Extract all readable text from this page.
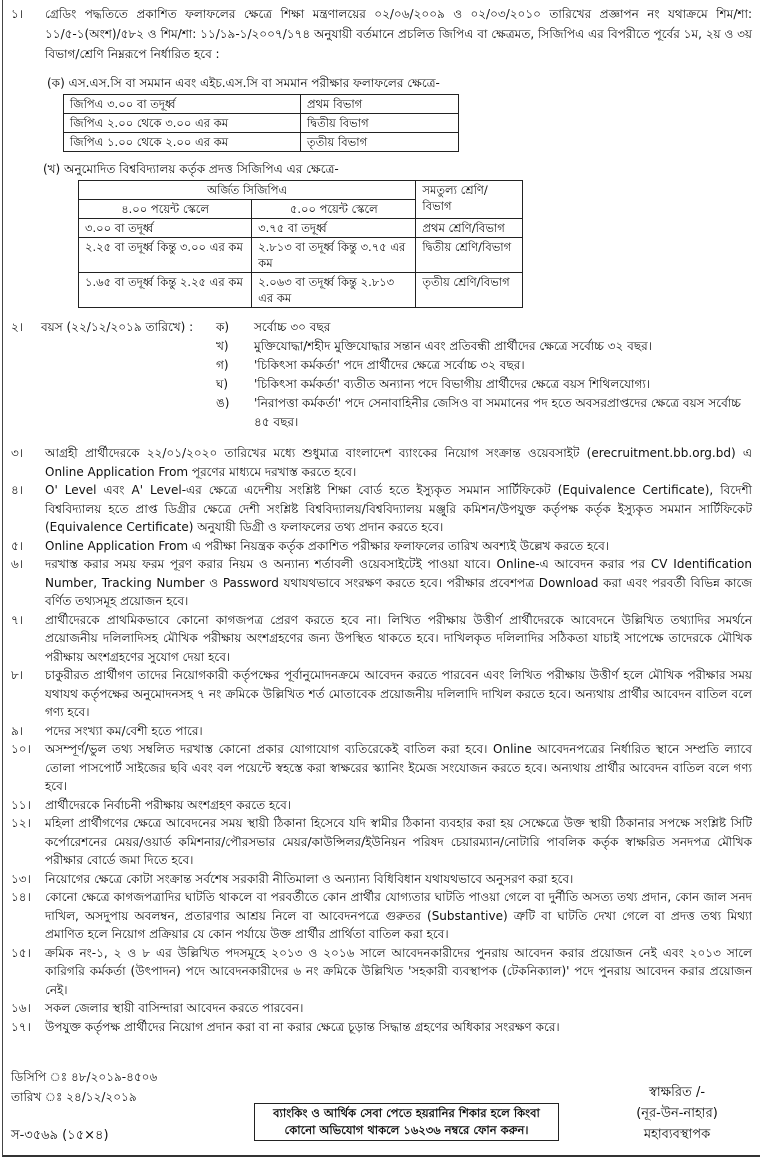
১।	গ্রেডিং পদ্ধতিতে প্রকাশিত ফলাফলের ক্ষেত্রে শিক্ষা মন্ত্রণালয়ের ০২/০৬/২০০৯ ও ০২/০৩/২০১০ তারিখের প্রজ্ঞাপন নং যথাক্রমে শিম/শা: ১১/৫-১(অংশ)/৫৮২ ও শিম/শা: ১১/১৯-১/২০০৭/১৭৪ অনুযায়ী বর্তমানে প্রচলিত জিপিএ বা ক্ষেত্রমত, সিজিপিএ এর বিপরীতে পূর্বের ১ম, ২য় ও ৩য় বিভাগ/শ্রেণি নিম্নরূপে নির্ধারিত হবে :
(ক) এস.এস.সি বা সমমান এবং এইচ.এস.সি বা সমমান পরীক্ষার ফলাফলের ক্ষেত্রে-
জিপিএ ৩.০০ বা তদূর্ধ্ব	প্রথম বিভাগ
জিপিএ ২.০০ থেকে ৩.০০ এর কম	দ্বিতীয় বিভাগ
জিপিএ ১.০০ থেকে ২.০০ এর কম	তৃতীয় বিভাগ
(খ) অনুমোদিত বিশ্ববিদ্যালয় কর্তৃক প্রদত্ত সিজিপিএ এর ক্ষেত্রে-
অর্জিত সিজিপিএ		সমতুল্য শ্রেণি/বিভাগ
৪.০০ পয়েন্ট স্কেলে	৫.০০ পয়েন্ট স্কেলে	
৩.০০ বা তদূর্ধ্ব	৩.৭৫ বা তদূর্ধ্ব	প্রথম শ্রেণি/বিভাগ
২.২৫ বা তদূর্ধ্ব কিন্তু ৩.০০ এর কম	২.৮১৩ বা তদূর্ধ্ব কিন্তু ৩.৭৫ এর কম	দ্বিতীয় শ্রেণি/বিভাগ
১.৬৫ বা তদূর্ধ্ব কিন্তু ২.২৫ এর কম	২.০৬৩ বা তদূর্ধ্ব কিন্তু ২.৮১৩ এর কম	তৃতীয় শ্রেণি/বিভাগ
২।	বয়স (২২/১২/২০১৯ তারিখে) :	ক)	সর্বোচ্চ ৩০ বছর
খ)	মুক্তিযোদ্ধা/শহীদ মুক্তিযোদ্ধার সন্তান এবং প্রতিবন্ধী প্রার্থীদের ক্ষেত্রে সর্বোচ্চ ৩২ বছর।
গ)	'চিকিৎসা কর্মকর্তা' পদে প্রার্থীদের ক্ষেত্রে সর্বোচ্চ ৩২ বছর।
ঘ)	'চিকিৎসা কর্মকর্তা' ব্যতীত অন্যান্য পদে বিভাগীয় প্রার্থীদের ক্ষেত্রে বয়স শিথিলযোগ্য।
ঙ)	'নিরাপত্তা কর্মকর্তা' পদে সেনাবাহিনীর জেসিও বা সমমানের পদ হতে অবসরপ্রাপ্তদের ক্ষেত্রে বয়স সর্বোচ্চ ৪৫ বছর।
৩।	আগ্রহী প্রার্থীদেরকে ২২/০১/২০২০ তারিখের মধ্যে শুধুমাত্র বাংলাদেশ ব্যাংকের নিয়োগ সংক্রান্ত ওয়েবসাইট (erecruitment.bb.org.bd) এ Online Application From পূরণের মাধ্যমে দরখাস্ত করতে হবে।
৪।	O' Level এবং A' Level-এর ক্ষেত্রে এদেশীয় সংশ্লিষ্ট শিক্ষা বোর্ড হতে ইস্যুকৃত সমমান সার্টিফিকেট (Equivalence Certificate), বিদেশী বিশ্ববিদ্যালয় হতে প্রাপ্ত ডিগ্রীর ক্ষেত্রে দেশী সংশ্লিষ্ট বিশ্ববিদ্যালয়/বিশ্ববিদ্যালয় মঞ্জুরি কমিশন/উপযুক্ত কর্তৃপক্ষ কর্তৃক ইস্যুকৃত সমমান সার্টিফিকেট (Equivalence Certificate) অনুযায়ী ডিগ্রী ও ফলাফলের তথ্য প্রদান করতে হবে।
৫।	Online Application From এ পরীক্ষা নিয়ন্ত্রক কর্তৃক প্রকাশিত পরীক্ষার ফলাফলের তারিখ অবশ্যই উল্লেখ করতে হবে।
৬।	দরখাস্ত করার সময় ফরম পূরণ করার নিয়ম ও অন্যান্য শর্তাবলী ওয়েবসাইটেই পাওয়া যাবে। Online-এ আবেদন করার পর CV Identification Number, Tracking Number ও Password যথাযথভাবে সংরক্ষণ করতে হবে। পরীক্ষার প্রবেশপত্র Download করা এবং পরবর্তী বিভিন্ন কাজে বর্ণিত তথ্যসমূহ প্রয়োজন হবে।
৭।	প্রার্থীদেরকে প্রাথমিকভাবে কোনো কাগজপত্র প্রেরণ করতে হবে না। লিখিত পরীক্ষায় উত্তীর্ণ প্রার্থীদেরকে আবেদনে উল্লিখিত তথ্যাদির সমর্থনে প্রয়োজনীয় দলিলাদিসহ মৌখিক পরীক্ষায় অংশগ্রহণের জন্য উপস্থিত থাকতে হবে। দাখিলকৃত দলিলাদির সঠিকতা যাচাই সাপেক্ষে তাদেরকে মৌখিক পরীক্ষায় অংশগ্রহণের সুযোগ দেয়া হবে।
৮।	চাকুরীরত প্রার্থীগণ তাদের নিয়োগকারী কর্তৃপক্ষের পূর্বানুমোদনক্রমে আবেদন করতে পারবেন এবং লিখিত পরীক্ষায় উত্তীর্ণ হলে মৌখিক পরীক্ষার সময় যথাযথ কর্তৃপক্ষের অনুমোদনসহ ৭ নং ক্রমিকে উল্লিখিত শর্ত মোতাবেক প্রয়োজনীয় দলিলাদি দাখিল করতে হবে। অন্যথায় প্রার্থীর আবেদন বাতিল বলে গণ্য হবে।
৯।	পদের সংখ্যা কম/বেশী হতে পারে।
১০।	অসম্পূর্ণ/ভুল তথ্য সম্বলিত দরখাস্ত কোনো প্রকার যোগাযোগ ব্যতিরেকেই বাতিল করা হবে। Online আবেদনপত্রের নির্ধারিত স্থানে সম্প্রতি ল্যাবে তোলা পাসপোর্ট সাইজের ছবি এবং বল পয়েন্টে স্বহস্তে করা স্বাক্ষরের স্ক্যানিং ইমেজ সংযোজন করতে হবে। অন্যথায় প্রার্থীর আবেদন বাতিল বলে গণ্য হবে।
১১।	প্রার্থীদেরকে নির্বাচনী পরীক্ষায় অংশগ্রহণ করতে হবে।
১২।	মহিলা প্রার্থীগণের ক্ষেত্রে আবেদনের সময় স্থায়ী ঠিকানা হিসেবে যদি স্বামীর ঠিকানা ব্যবহার করা হয় সেক্ষেত্রে উক্ত স্থায়ী ঠিকানার সপক্ষে সংশ্লিষ্ট সিটি কর্পোরেশনের মেয়র/ওয়ার্ড কমিশনার/পৌরসভার মেয়র/কাউন্সিলর/ইউনিয়ন পরিষদ চেয়ারম্যান/নোটারি পাবলিক কর্তৃক স্বাক্ষরিত সনদপত্র মৌখিক পরীক্ষার বোর্ডে জমা দিতে হবে।
১৩।	নিয়োগের ক্ষেত্রে কোটা সংক্রান্ত সর্বশেষ সরকারী নীতিমালা ও অন্যান্য বিধিবিধান যথাযথভাবে অনুসরণ করা হবে।
১৪।	কোনো ক্ষেত্রে কাগজপত্রাদির ঘাটতি থাকলে বা পরবর্তীতে কোন প্রার্থীর যোগ্যতার ঘাটতি পাওয়া গেলে বা দুর্নীতি অসত্য তথ্য প্রদান, কোন জাল সনদ দাখিল, অসদুপায় অবলম্বন, প্রতারণার আশ্রয় নিলে বা আবেদনপত্রে গুরুতর (Substantive) ত্রুটি বা ঘাটতি দেখা গেলে বা প্রদত্ত তথ্য মিথ্যা প্রমাণিত হলে নিয়োগ প্রক্রিয়ার যে কোন পর্যায়ে উক্ত প্রার্থীর প্রার্থিতা বাতিল করা হবে।
১৫।	ক্রমিক নং-১, ২ ও ৮ এর উল্লিখিত পদসমূহে ২০১৩ ও ২০১৬ সালে আবেদনকারীদের পুনরায় আবেদন করার প্রয়োজন নেই এবং ২০১৩ সালে কারিগরি কর্মকর্তা (উৎপাদন) পদে আবেদনকারীদের ৬ নং ক্রমিকে উল্লিখিত 'সহকারী ব্যবস্থাপক (টেকনিক্যাল)' পদে পুনরায় আবেদন করার প্রয়োজন নেই।
১৬।	সকল জেলার স্থায়ী বাসিন্দারা আবেদন করতে পারবেন।
১৭।	উপযুক্ত কর্তৃপক্ষ প্রার্থীদের নিয়োগ প্রদান করা বা না করার ক্ষেত্রে চূড়ান্ত সিদ্ধান্ত গ্রহণের অধিকার সংরক্ষণ করে।
ডিসিপি ঃ ৪৮/২০১৯-৪৫০৬
তারিখ ঃ ২৪/১২/২০১৯
স-৩৫৬৯ (১৫×৪)
ব্যাংকিং ও আর্থিক সেবা পেতে হয়রানির শিকার হলে কিংবা
কোনো অভিযোগ থাকলে ১৬২৩৬ নম্বরে ফোন করুন।
স্বাক্ষরিত /-
(নূর-উন-নাহার)
মহাব্যবস্থাপক
